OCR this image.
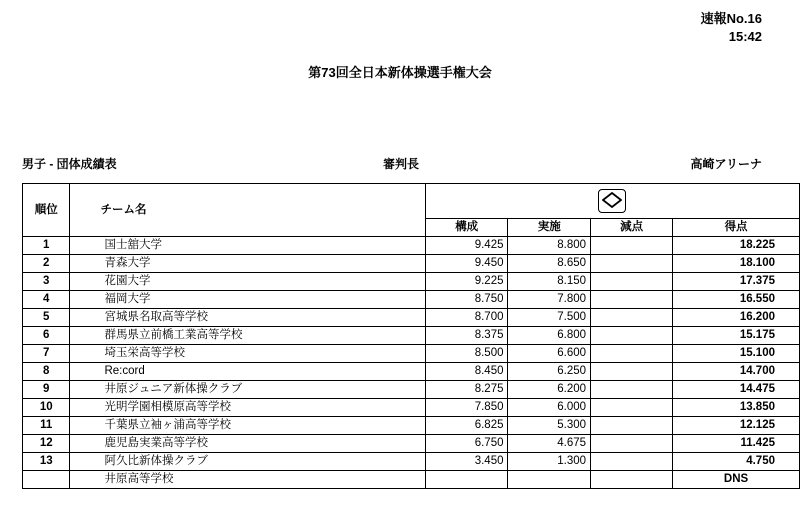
速報No.16
15:42
第73回全日本新体操選手権大会
男子 - 団体成績表	審判長	高崎アリーナ
順位	チーム名	

		構成	実施	減点	得点
1	国士舘大学	9.425	8.800		18.225
2	青森大学	9.450	8.650		18.100
3	花園大学	9.225	8.150		17.375
4	福岡大学	8.750	7.800		16.550
5	宮城県名取高等学校	8.700	7.500		16.200
6	群馬県立前橋工業高等学校	8.375	6.800		15.175
7	埼玉栄高等学校	8.500	6.600		15.100
8	Re:cord	8.450	6.250		14.700
9	井原ジュニア新体操クラブ	8.275	6.200		14.475
10	光明学園相模原高等学校	7.850	6.000		13.850
11	千葉県立袖ヶ浦高等学校	6.825	5.300		12.125
12	鹿児島実業高等学校	6.750	4.675		11.425
13	阿久比新体操クラブ	3.450	1.300		4.750
	井原高等学校				DNS
